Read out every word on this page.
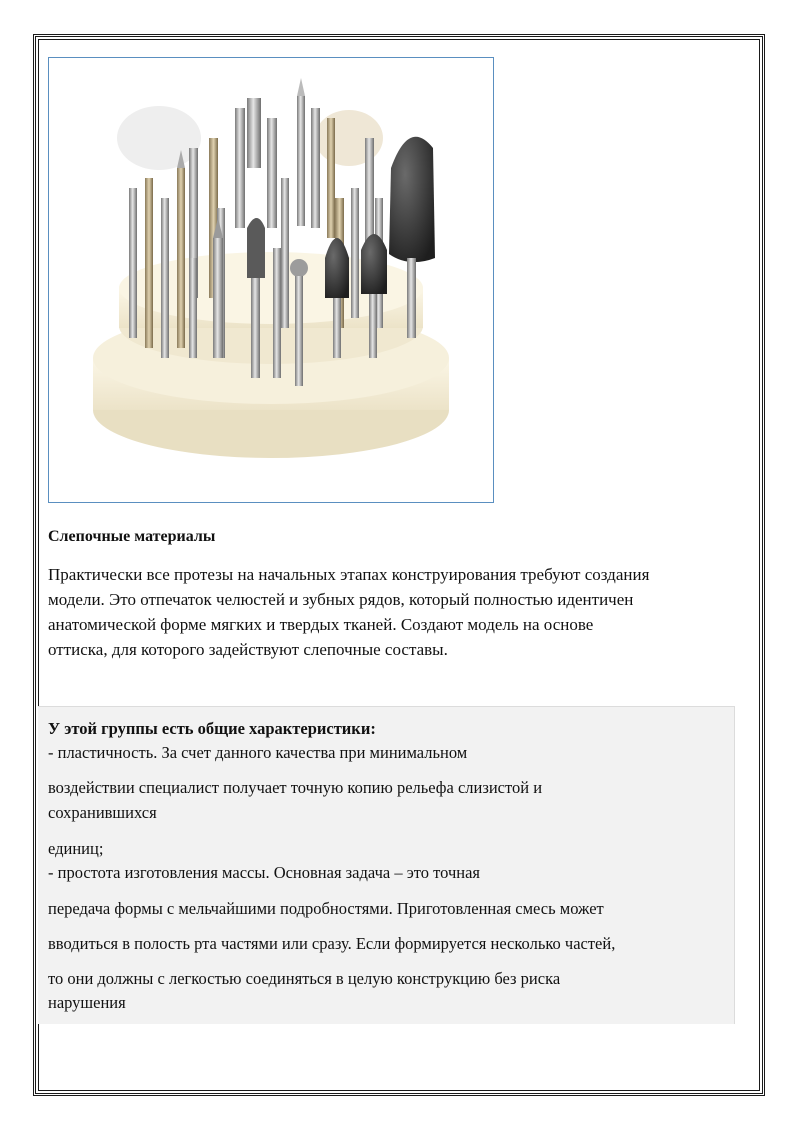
Слепочные материалы
Практически все протезы на начальных этапах конструирования требуют создания
модели. Это отпечаток челюстей и зубных рядов, который полностью идентичен
анатомической форме мягких и твердых тканей. Создают модель на основе
оттиска, для которого задействуют слепочные составы.
У этой группы есть общие характеристики:
- пластичность. За счет данного качества при минимальном
воздействии специалист получает точную копию рельефа слизистой и
сохранившихся
единиц;
- простота изготовления массы. Основная задача – это точная
передача формы с мельчайшими подробностями. Приготовленная смесь может
вводиться в полость рта частями или сразу. Если формируется несколько частей,
то они должны с легкостью соединяться в целую конструкцию без риска
нарушения
